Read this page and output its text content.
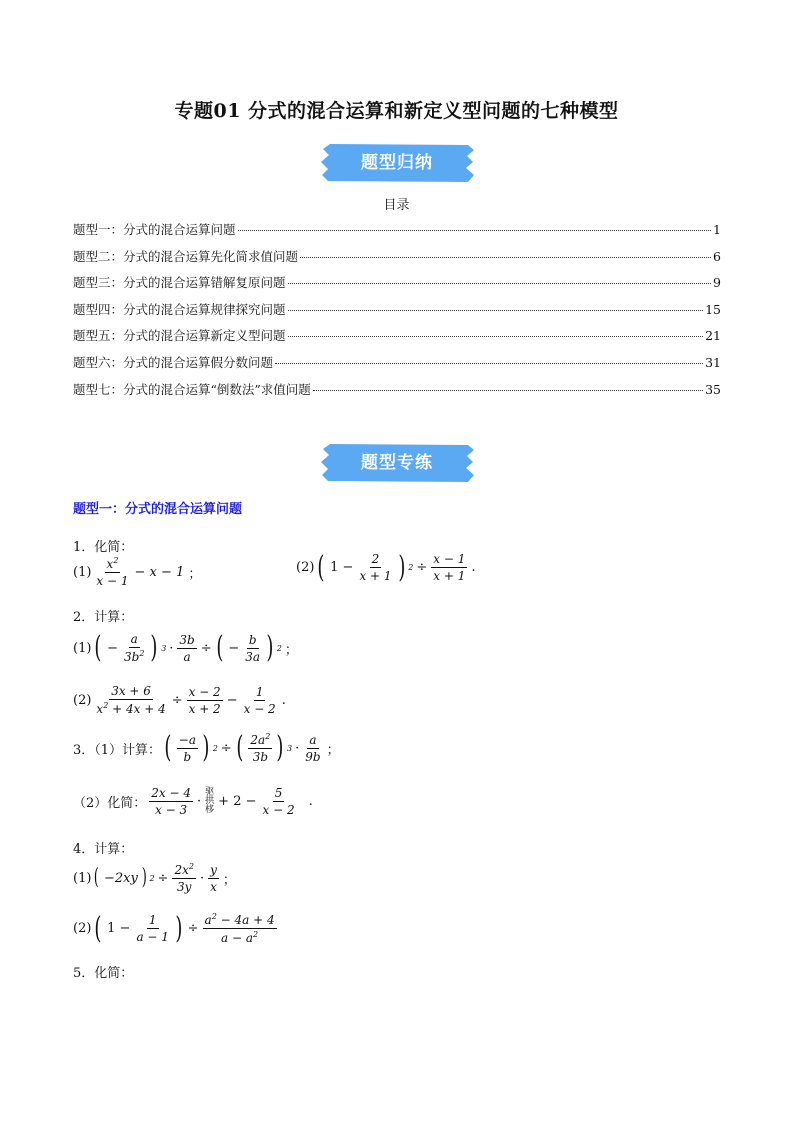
专题01 分式的混合运算和新定义型问题的七种模型
题型归纳
目录
题型一：分式的混合运算问题	1
题型二：分式的混合运算先化简求值问题	6
题型三：分式的混合运算错解复原问题	9
题型四：分式的混合运算规律探究问题	15
题型五：分式的混合运算新定义型问题	21
题型六：分式的混合运算假分数问题	31
题型七：分式的混合运算“倒数法”求值问题	35
题型专练
题型一：分式的混合运算问题
1．化简：
$(1) \frac{x^2}{x - 1} - x - 1$ ；	(2) ( $1 - \frac{2}{x + 1}$ ) $2 \div \frac{x - 1}{x + 1}$ .
2．计算：
(1) ( − $\frac{a}{3b^2}$ ) $3 \cdot \frac{3b}{a}$ ÷ ( − $\frac{b}{3a}$ ) 2 ；
$(2) \frac{3x + 6}{x^2 + 4x + 4} \div \frac{x - 2}{x + 2} - \frac{1}{x - 2}$ .
3．（1）计算： ( $\frac{-a}{b}$ ) 2 ÷ ( $\frac{2a^2}{3b}$ ) $3 \cdot \frac{a}{9b}$ ；
（2）化简： $\frac{2x - 4}{x - 3}$ ·
驱
拱
栘
+ $2 - \frac{5}{x - 2}$ .
4．计算：
(1) ( −2xy ) $2 \div \frac{2x^2}{3y} \cdot \frac{y}{x}$ ；
(2) ( $1 - \frac{1}{a - 1}$ ) ÷ $\frac{a^2 - 4a + 4}{a - a^2}$
5．化简：
